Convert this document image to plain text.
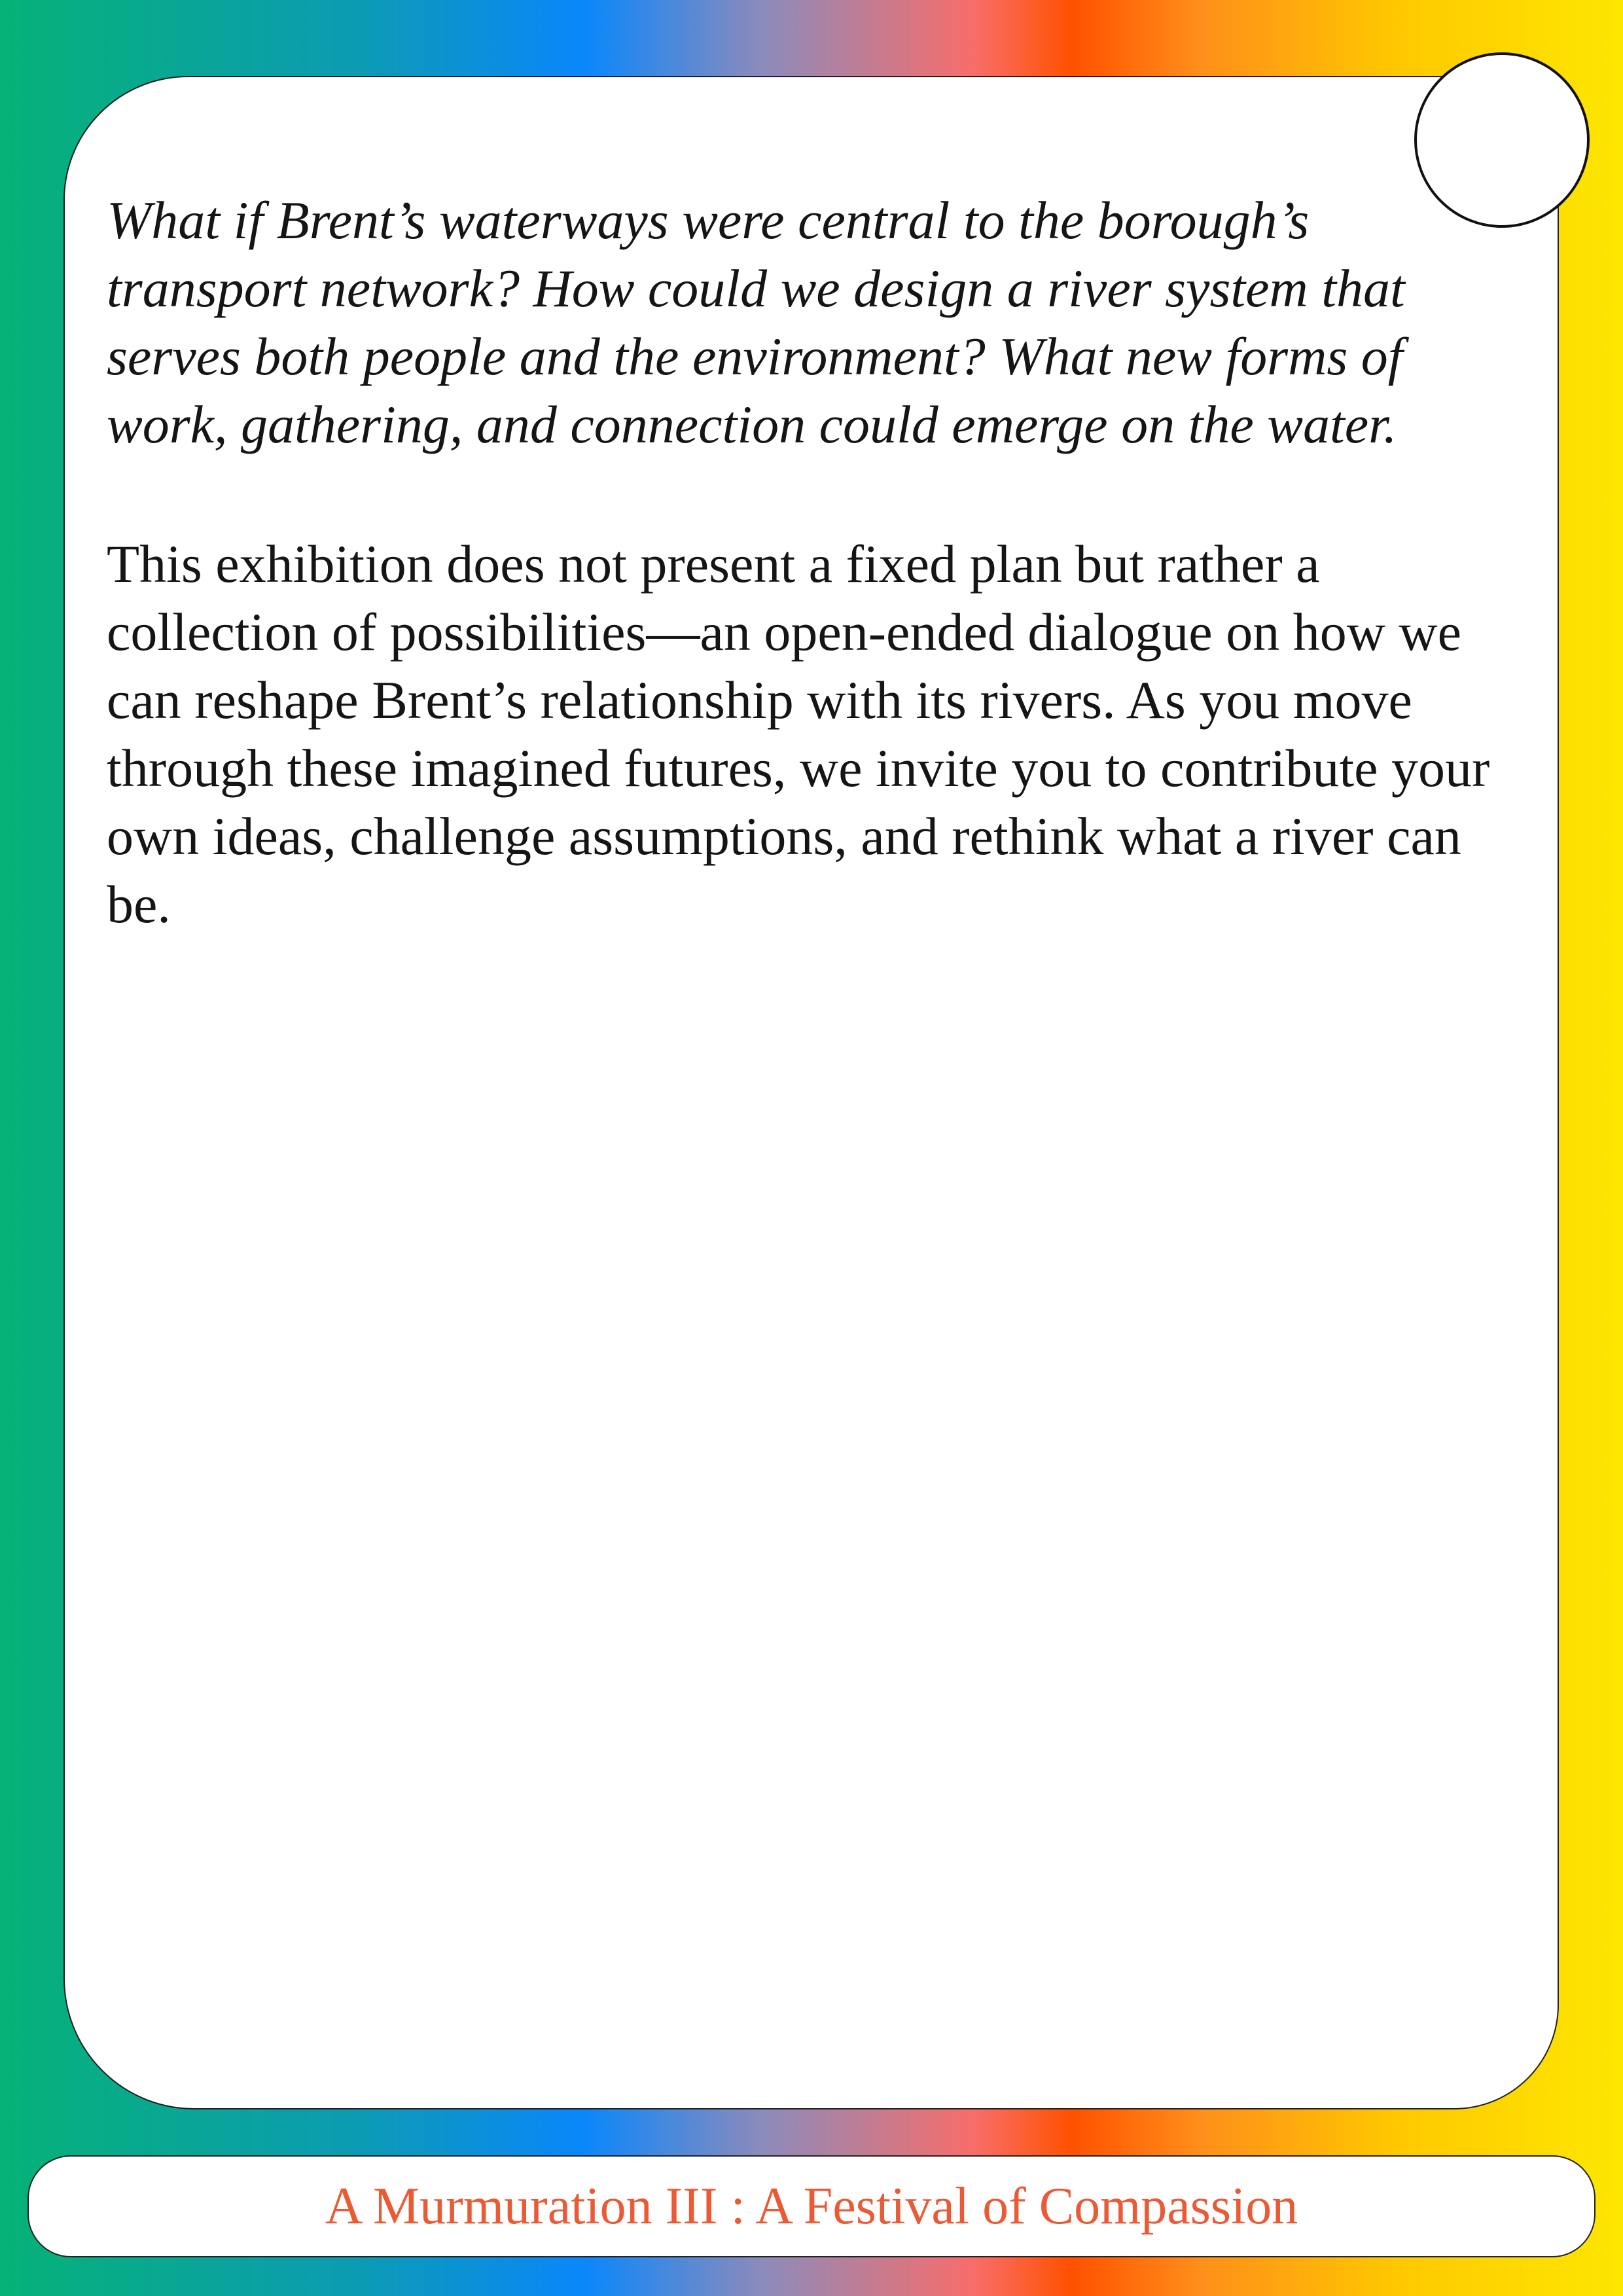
What if Brent’s waterways were central to the borough’s transport network? How could we design a river system that serves both people and the environment? What new forms of work, gathering, and connection could emerge on the water.

This exhibition does not present a fixed plan but rather a collection of possibilities—an open-ended dialogue on how we can reshape Brent’s relationship with its rivers. As you move through these imagined futures, we invite you to contribute your own ideas, challenge assumptions, and rethink what a river can be.

A Murmuration III : A Festival of Compassion
